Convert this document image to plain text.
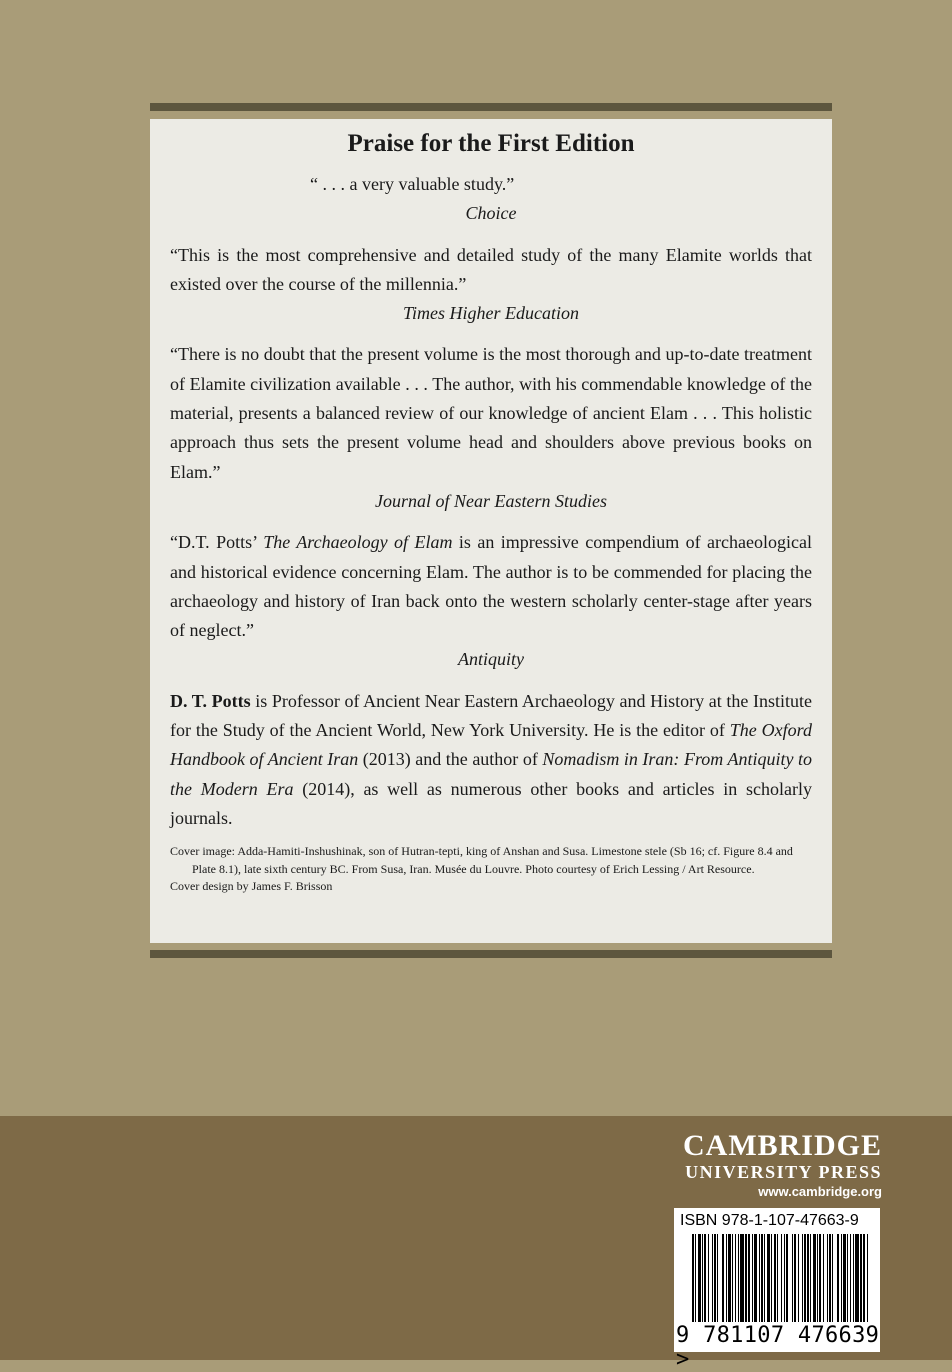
Praise for the First Edition

“ . . . a very valuable study.”

Choice

“This is the most comprehensive and detailed study of the many Elamite worlds that existed over the course of the millennia.”

Times Higher Education

“There is no doubt that the present volume is the most thorough and up-to-date treatment of Elamite civilization available . . . The author, with his commendable knowledge of the material, presents a balanced review of our knowledge of ancient Elam . . . This holistic approach thus sets the present volume head and shoulders above previous books on Elam.”

Journal of Near Eastern Studies

“D.T. Potts’ The Archaeology of Elam is an impressive compendium of archaeological and historical evidence concerning Elam. The author is to be commended for placing the archaeology and history of Iran back onto the western scholarly center-stage after years of neglect.”

Antiquity

D. T. Potts is Professor of Ancient Near Eastern Archaeology and History at the Institute for the Study of the Ancient World, New York University. He is the editor of The Oxford Handbook of Ancient Iran (2013) and the author of Nomadism in Iran: From Antiquity to the Modern Era (2014), as well as numerous other books and articles in scholarly journals.

Cover image: Adda-Hamiti-Inshushinak, son of Hutran-tepti, king of Anshan and Susa. Limestone stele (Sb 16; cf. Figure 8.4 and Plate 8.1), late sixth century BC. From Susa, Iran. Musée du Louvre. Photo courtesy of Erich Lessing / Art Resource.

Cover design by James F. Brisson

CAMBRIDGE
UNIVERSITY PRESS
www.cambridge.org
ISBN 978-1-107-47663-9
9 781107 476639 >
